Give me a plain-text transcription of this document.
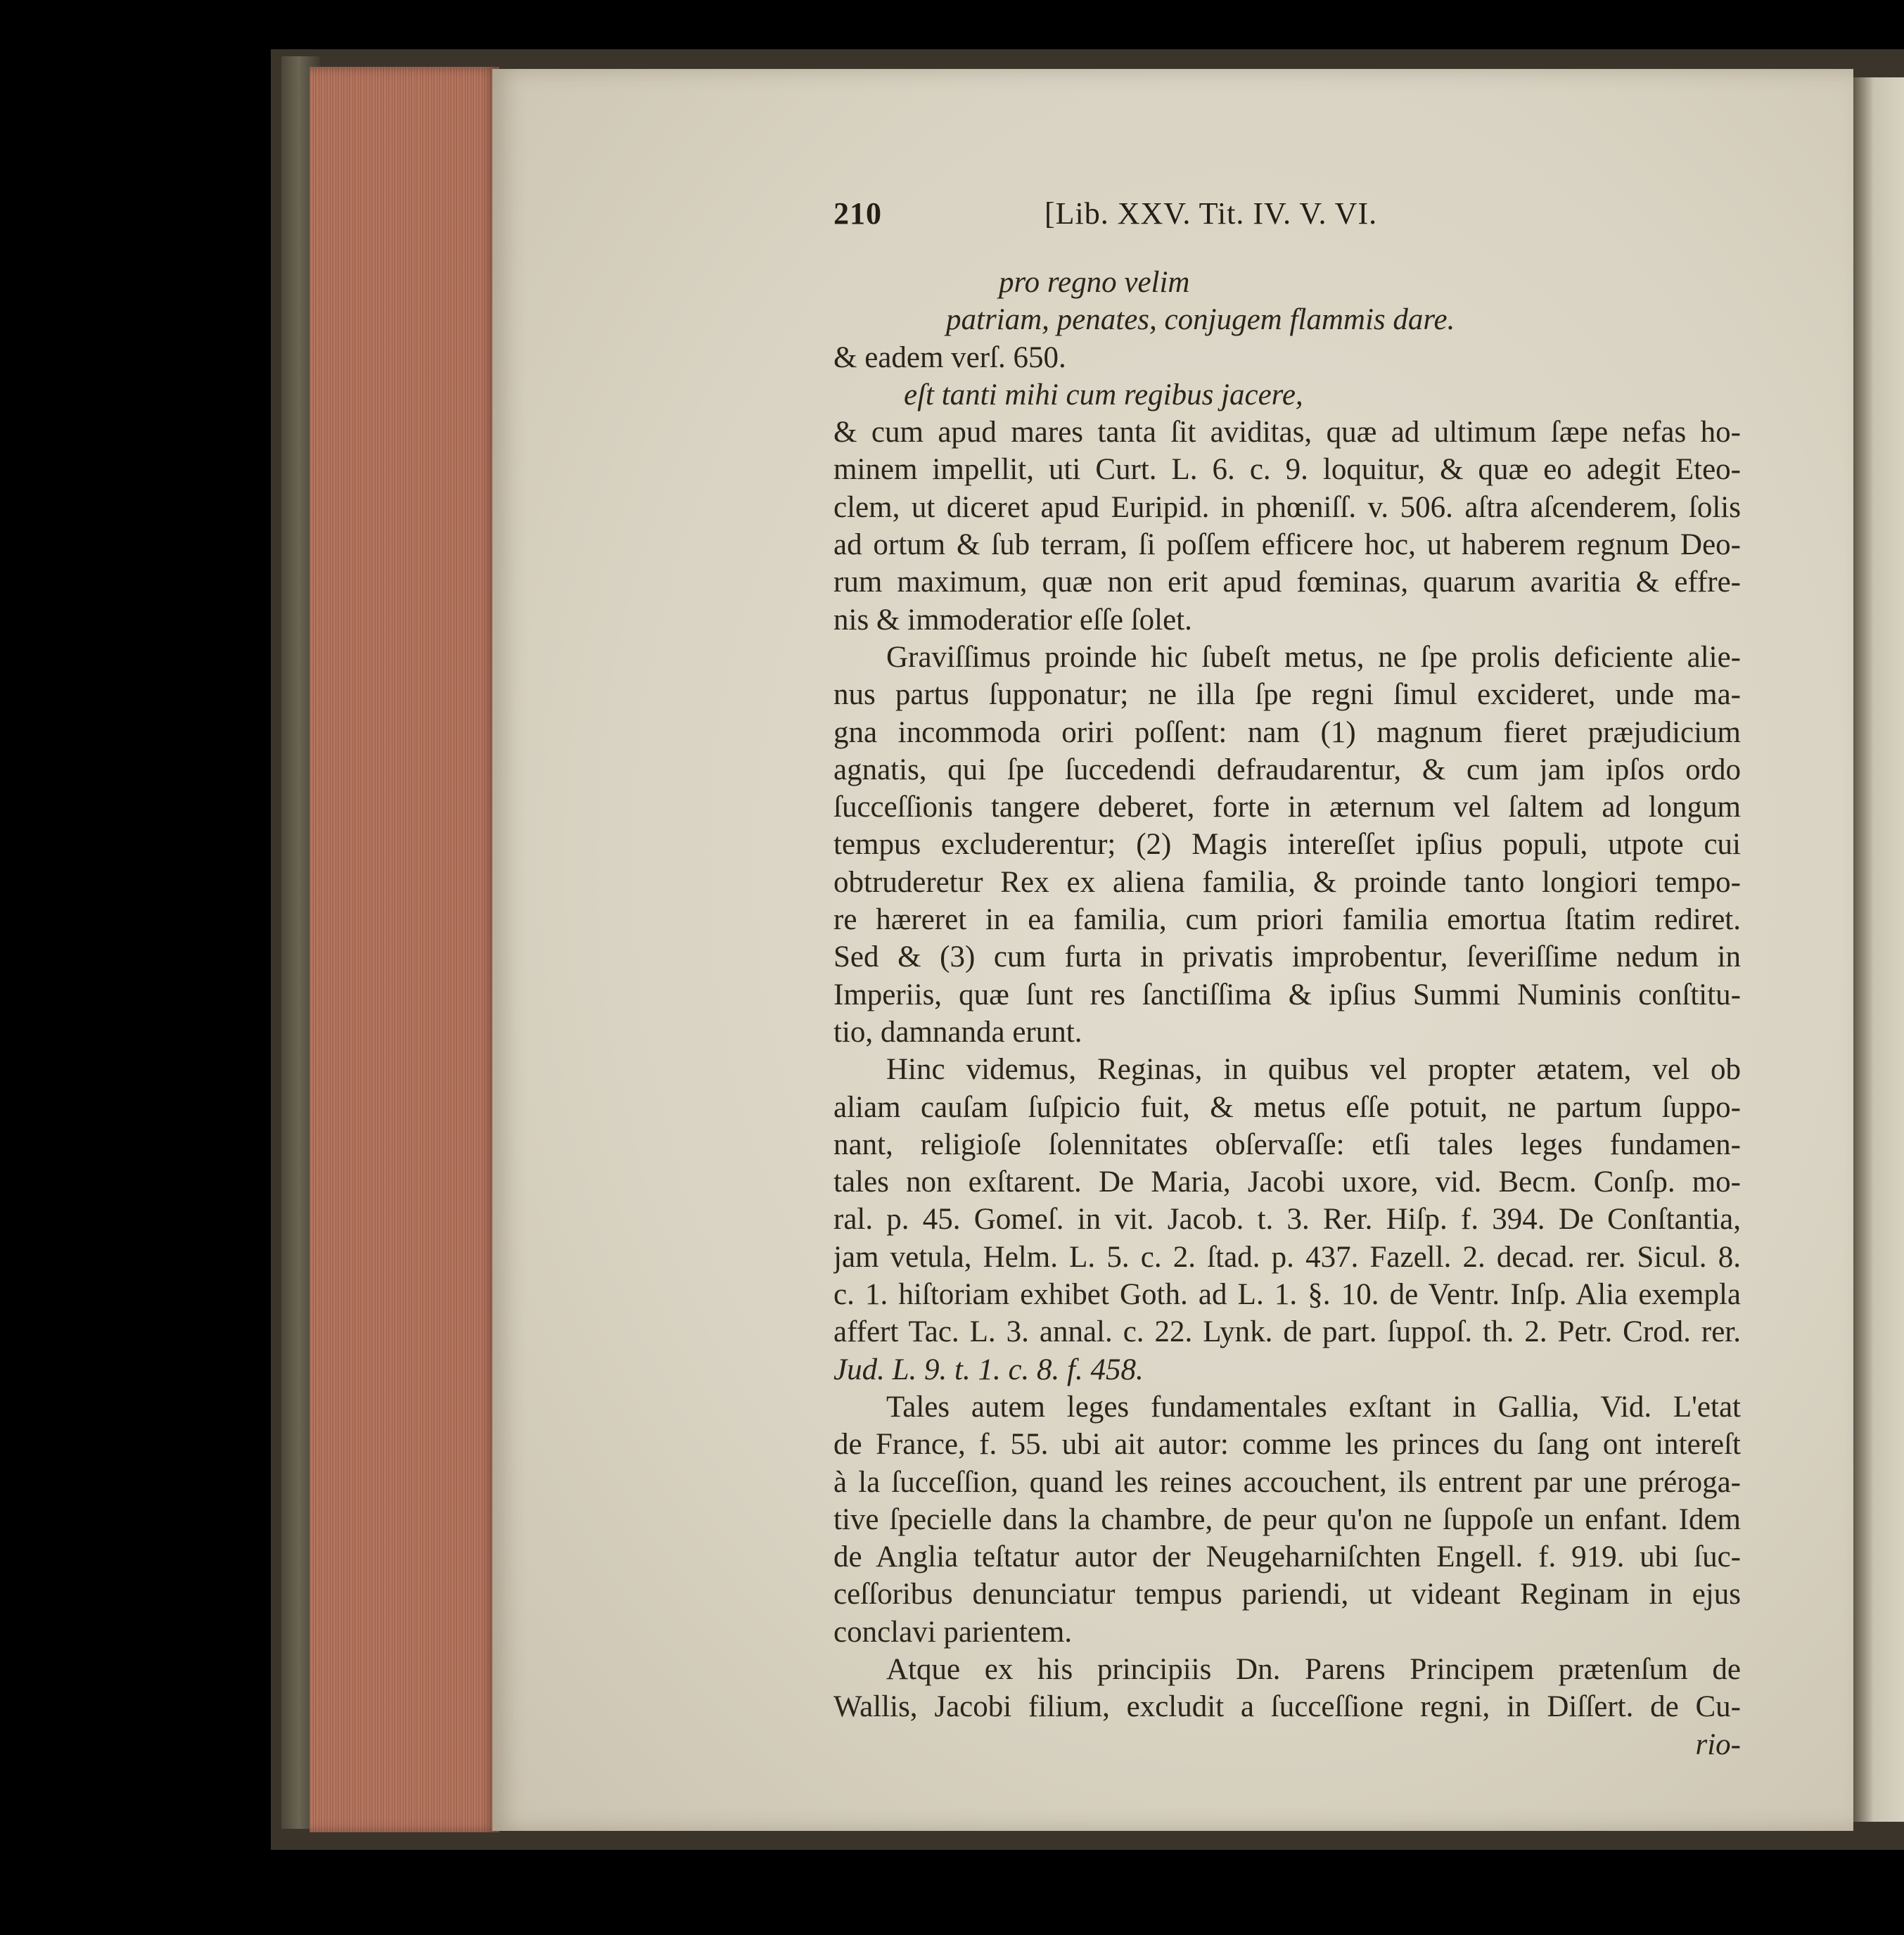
210	[Lib. XXV. Tit. IV. V. VI.
pro regno velim
patriam, penates, conjugem flammis dare.
& eadem verſ. 650.
eſt tanti mihi cum regibus jacere,
& cum apud mares tanta ſit aviditas, quæ ad ultimum ſæpe nefas ho-
minem impellit, uti Curt. L. 6. c. 9. loquitur, & quæ eo adegit Eteo-
clem, ut diceret apud Euripid. in phœniſſ. v. 506. aſtra aſcenderem, ſolis
ad ortum & ſub terram, ſi poſſem efficere hoc, ut haberem regnum Deo-
rum maximum, quæ non erit apud fœminas, quarum avaritia & effre-
nis & immoderatior eſſe ſolet.
Graviſſimus proinde hic ſubeſt metus, ne ſpe prolis deficiente alie-
nus partus ſupponatur; ne illa ſpe regni ſimul excideret, unde ma-
gna incommoda oriri poſſent: nam (1) magnum fieret præjudicium
agnatis, qui ſpe ſuccedendi defraudarentur, & cum jam ipſos ordo
ſucceſſionis tangere deberet, forte in æternum vel ſaltem ad longum
tempus excluderentur; (2) Magis intereſſet ipſius populi, utpote cui
obtruderetur Rex ex aliena familia, & proinde tanto longiori tempo-
re hæreret in ea familia, cum priori familia emortua ſtatim rediret.
Sed & (3) cum furta in privatis improbentur, ſeveriſſime nedum in
Imperiis, quæ ſunt res ſanctiſſima & ipſius Summi Numinis conſtitu-
tio, damnanda erunt.
Hinc videmus, Reginas, in quibus vel propter ætatem, vel ob
aliam cauſam ſuſpicio fuit, & metus eſſe potuit, ne partum ſuppo-
nant, religioſe ſolennitates obſervaſſe: etſi tales leges fundamen-
tales non exſtarent. De Maria, Jacobi uxore, vid. Becm. Conſp. mo-
ral. p. 45. Gomeſ. in vit. Jacob. t. 3. Rer. Hiſp. f. 394. De Conſtantia,
jam vetula, Helm. L. 5. c. 2. ſtad. p. 437. Fazell. 2. decad. rer. Sicul. 8.
c. 1. hiſtoriam exhibet Goth. ad L. 1. §. 10. de Ventr. Inſp. Alia exempla
affert Tac. L. 3. annal. c. 22. Lynk. de part. ſuppoſ. th. 2. Petr. Crod. rer.
Jud. L. 9. t. 1. c. 8. f. 458.
Tales autem leges fundamentales exſtant in Gallia, Vid. L'etat
de France, f. 55. ubi ait autor: comme les princes du ſang ont intereſt
à la ſucceſſion, quand les reines accouchent, ils entrent par une préroga-
tive ſpecielle dans la chambre, de peur qu'on ne ſuppoſe un enfant. Idem
de Anglia teſtatur autor der Neugeharniſchten Engell. f. 919. ubi ſuc-
ceſſoribus denunciatur tempus pariendi, ut videant Reginam in ejus
conclavi parientem.
Atque ex his principiis Dn. Parens Principem prætenſum de
Wallis, Jacobi filium, excludit a ſucceſſione regni, in Diſſert. de Cu-
rio-
